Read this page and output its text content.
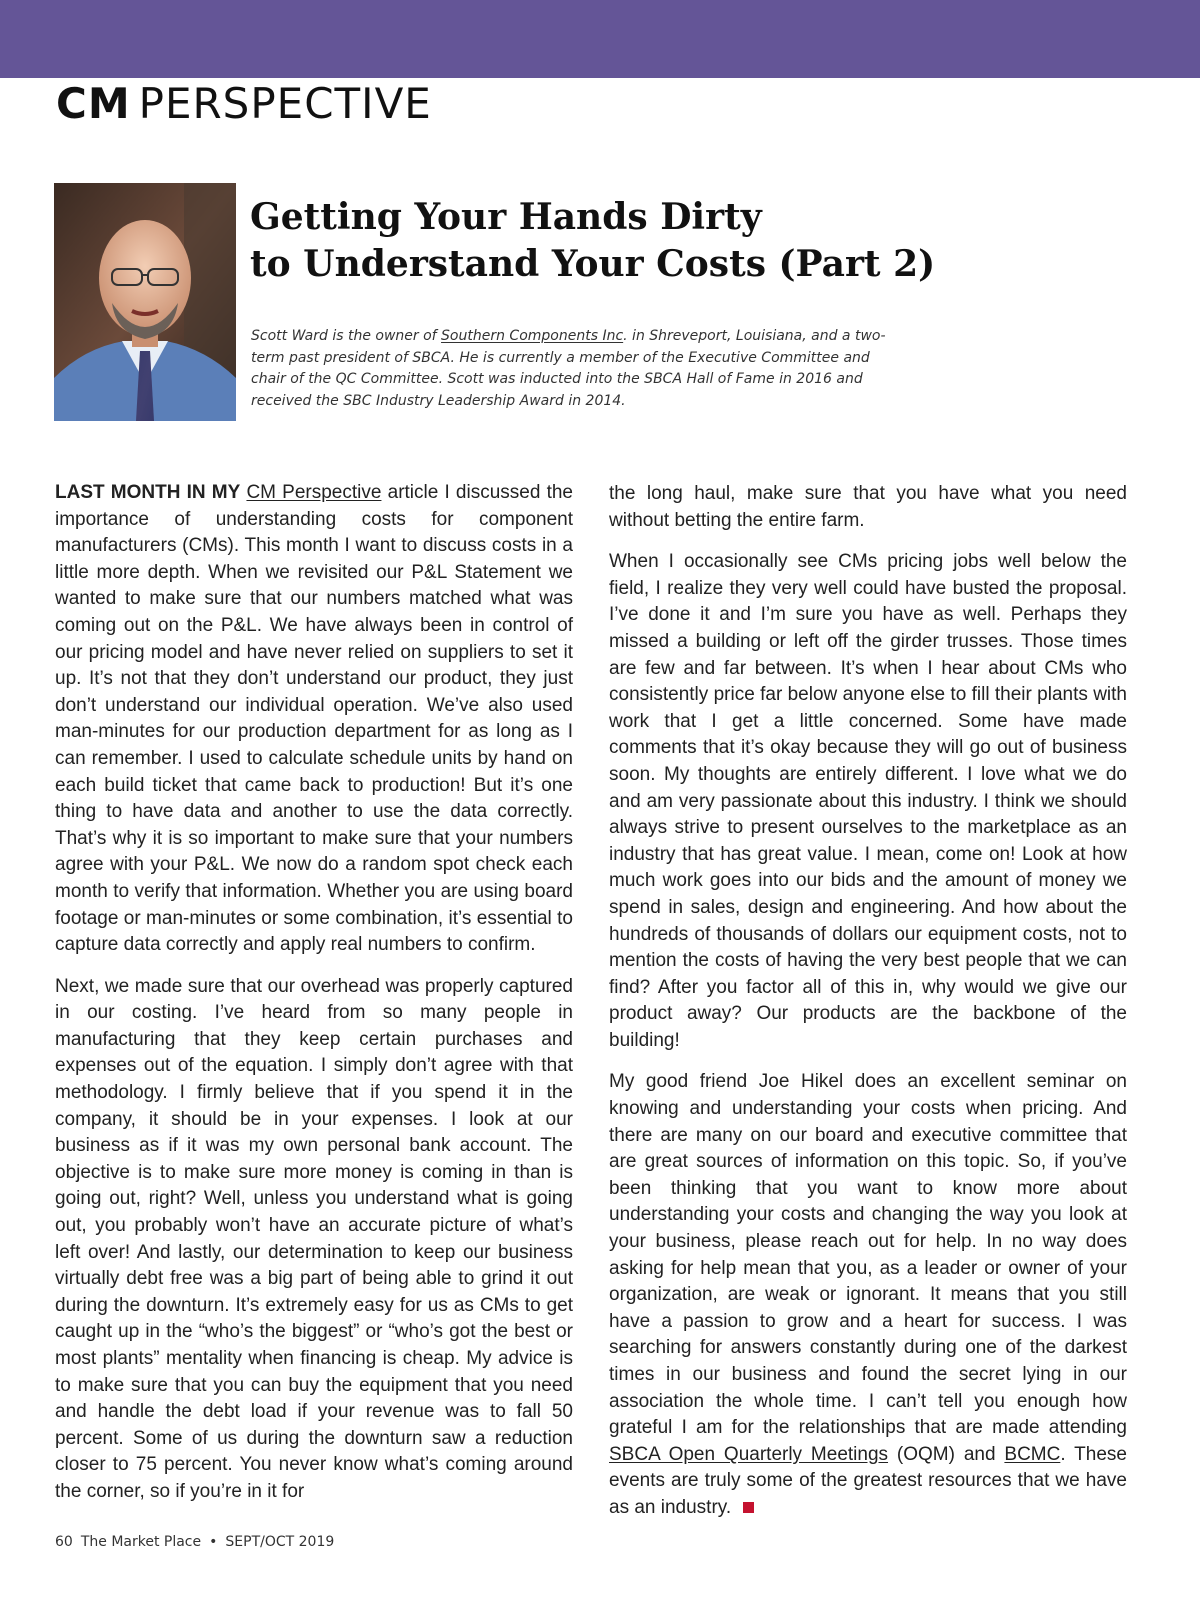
CM PERSPECTIVE
Getting Your Hands Dirty
to Understand Your Costs (Part 2)

Scott Ward is the owner of Southern Components Inc. in Shreveport, Louisiana, and a two-term past president of SBCA. He is currently a member of the Executive Committee and chair of the QC Committee. Scott was inducted into the SBCA Hall of Fame in 2016 and received the SBC Industry Leadership Award in 2014.

LAST MONTH IN MY CM Perspective article I discussed the importance of understanding costs for component manufacturers (CMs). This month I want to discuss costs in a little more depth. When we revisited our P&L Statement we wanted to make sure that our numbers matched what was coming out on the P&L. We have always been in control of our pricing model and have never relied on suppliers to set it up. It’s not that they don’t understand our product, they just don’t understand our individual operation. We’ve also used man-minutes for our production department for as long as I can remember. I used to calculate schedule units by hand on each build ticket that came back to production! But it’s one thing to have data and another to use the data correctly. That’s why it is so important to make sure that your numbers agree with your P&L. We now do a random spot check each month to verify that information. Whether you are using board footage or man-minutes or some combination, it’s essential to capture data correctly and apply real numbers to confirm.

Next, we made sure that our overhead was properly captured in our costing. I’ve heard from so many people in manufacturing that they keep certain purchases and expenses out of the equation. I simply don’t agree with that methodology. I firmly believe that if you spend it in the company, it should be in your expenses. I look at our business as if it was my own personal bank account. The objective is to make sure more money is coming in than is going out, right? Well, unless you understand what is going out, you probably won’t have an accurate picture of what’s left over! And lastly, our determination to keep our business virtually debt free was a big part of being able to grind it out during the downturn. It’s extremely easy for us as CMs to get caught up in the “who’s the biggest” or “who’s got the best or most plants” mentality when financing is cheap. My advice is to make sure that you can buy the equipment that you need and handle the debt load if your revenue was to fall 50 percent. Some of us during the downturn saw a reduction closer to 75 percent. You never know what’s coming around the corner, so if you’re in it for

the long haul, make sure that you have what you need without betting the entire farm.

When I occasionally see CMs pricing jobs well below the field, I realize they very well could have busted the proposal. I’ve done it and I’m sure you have as well. Perhaps they missed a building or left off the girder trusses. Those times are few and far between. It’s when I hear about CMs who consistently price far below anyone else to fill their plants with work that I get a little concerned. Some have made comments that it’s okay because they will go out of business soon. My thoughts are entirely different. I love what we do and am very passionate about this industry. I think we should always strive to present ourselves to the marketplace as an industry that has great value. I mean, come on! Look at how much work goes into our bids and the amount of money we spend in sales, design and engineering. And how about the hundreds of thousands of dollars our equipment costs, not to mention the costs of having the very best people that we can find? After you factor all of this in, why would we give our product away? Our products are the backbone of the building!

My good friend Joe Hikel does an excellent seminar on knowing and understanding your costs when pricing. And there are many on our board and executive committee that are great sources of information on this topic. So, if you’ve been thinking that you want to know more about understanding your costs and changing the way you look at your business, please reach out for help. In no way does asking for help mean that you, as a leader or owner of your organization, are weak or ignorant. It means that you still have a passion to grow and a heart for success. I was searching for answers constantly during one of the darkest times in our business and found the secret lying in our association the whole time. I can’t tell you enough how grateful I am for the relationships that are made attending SBCA Open Quarterly Meetings (OQM) and BCMC. These events are truly some of the greatest resources that we have as an industry.

60 The Market Place • SEPT/OCT 2019
